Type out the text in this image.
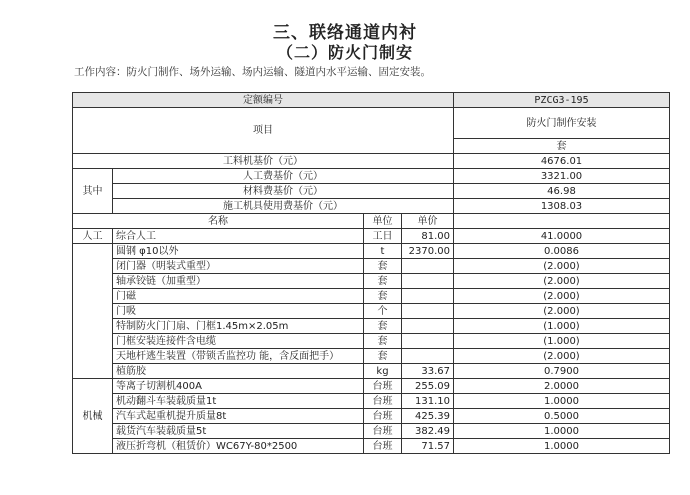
三、联络通道内衬
（二）防火门制安
工作内容：防火门制作、场外运输、场内运输、隧道内水平运输、固定安装。
定额编号				PZCG3-195
项目				防火门制作安装
				套
工料机基价（元）				4676.01
其中	人工费基价（元）			3321.00
	材料费基价（元）			46.98
	施工机具使用费基价（元）			1308.03
名称		单位	单价	
人工	综合人工	工日	81.00	41.0000
	圆钢 φ10以外	t	2370.00	0.0086
	闭门器（明装式重型）	套		(2.000)
	轴承铰链（加重型）	套		(2.000)
	门磁	套		(2.000)
	门吸	个		(2.000)
	特制防火门门扇、门框1.45m×2.05m	套		(1.000)
	门框安装连接件含电缆	套		(1.000)
	天地杆逃生装置（带锁舌监控功 能，含反面把手）	套		(2.000)
	植筋胶	kg	33.67	0.7900
机械	等离子切割机400A	台班	255.09	2.0000
	机动翻斗车装载质量1t	台班	131.10	1.0000
	汽车式起重机提升质量8t	台班	425.39	0.5000
	载货汽车装载质量5t	台班	382.49	1.0000
	液压折弯机（租赁价）WC67Y-80*2500	台班	71.57	1.0000
